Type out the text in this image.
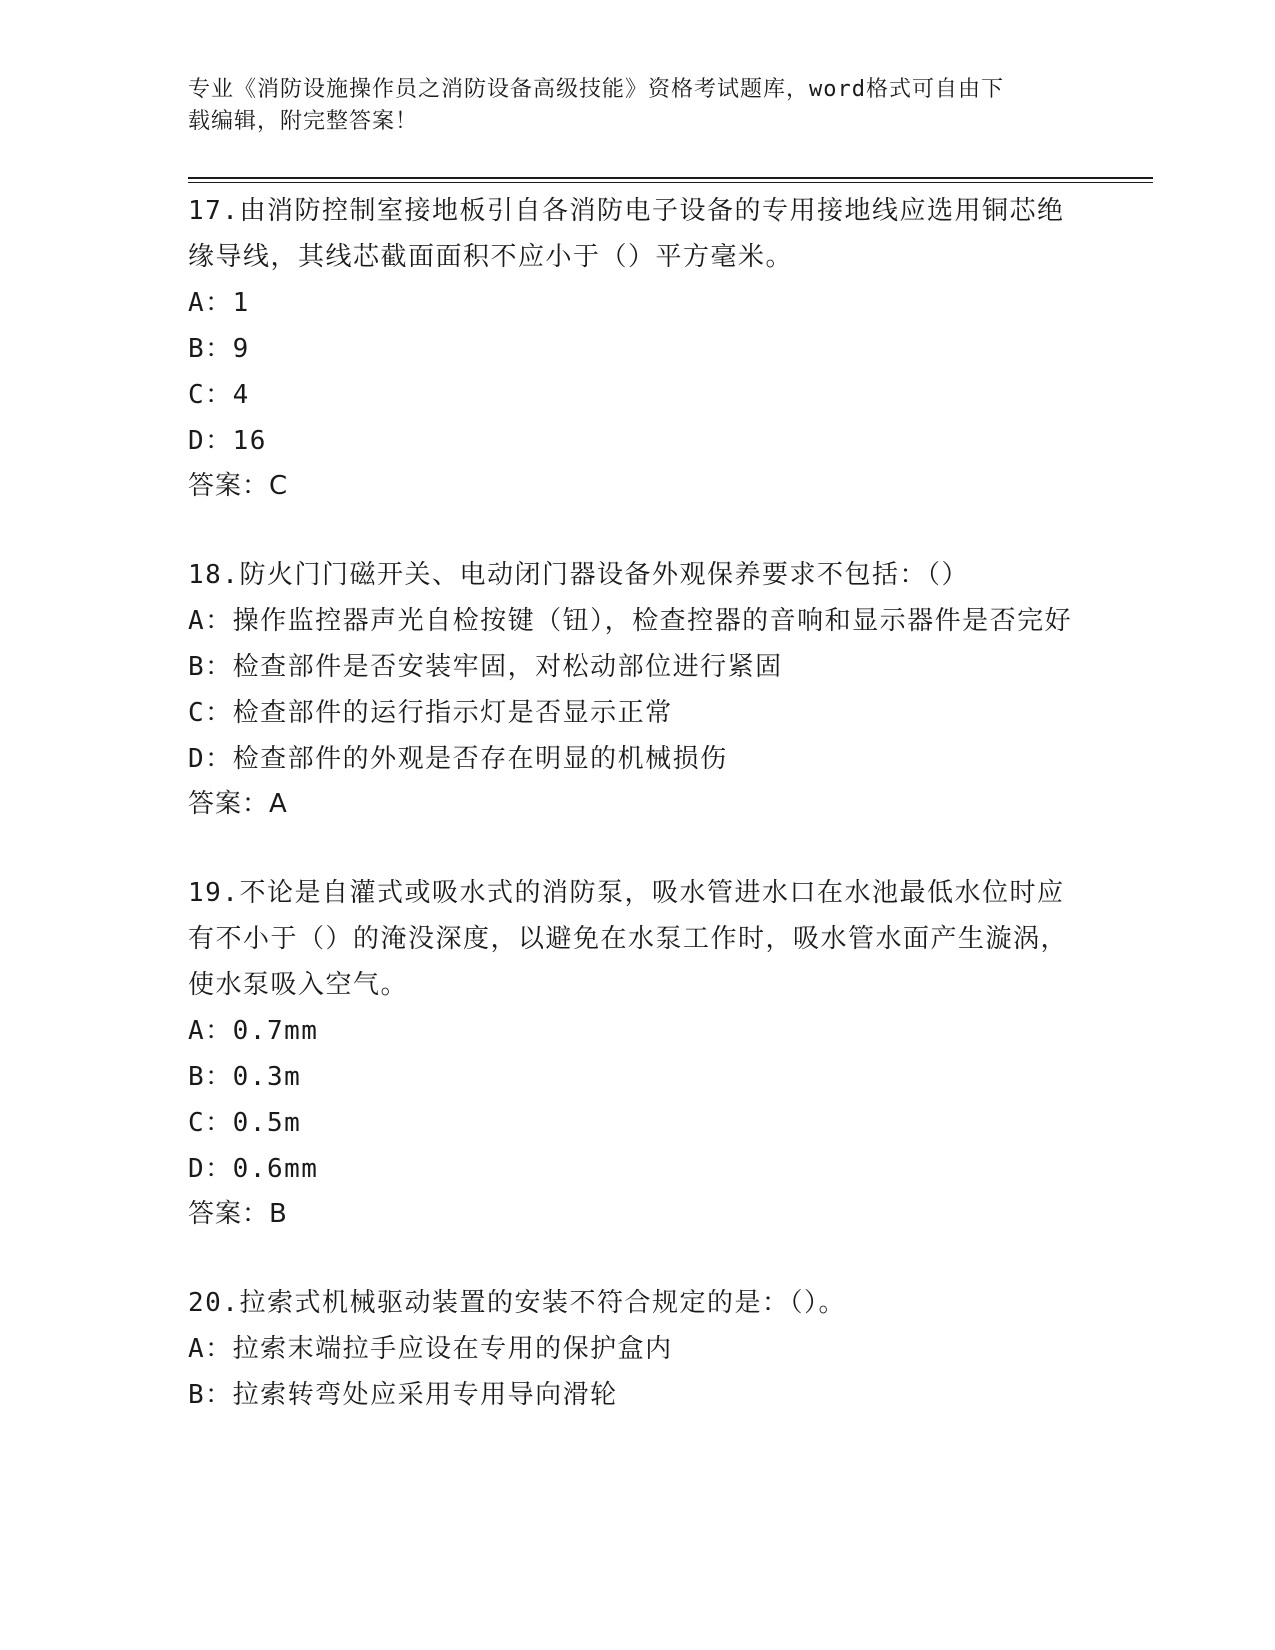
专业《消防设施操作员之消防设备高级技能》资格考试题库，word格式可自由下
载编辑，附完整答案！

17.由消防控制室接地板引自各消防电子设备的专用接地线应选用铜芯绝缘导线，其线芯截面面积不应小于（）平方毫米。

A：1

B：9

C：4

D：16

答案：C

18.防火门门磁开关、电动闭门器设备外观保养要求不包括：（）

A：操作监控器声光自检按键（钮），检查控器的音响和显示器件是否完好

B：检查部件是否安装牢固，对松动部位进行紧固

C：检查部件的运行指示灯是否显示正常

D：检查部件的外观是否存在明显的机械损伤

答案：A

19.不论是自灌式或吸水式的消防泵，吸水管进水口在水池最低水位时应有不小于（）的淹没深度，以避免在水泵工作时，吸水管水面产生漩涡，使水泵吸入空气。

A：0.7mm

B：0.3m

C：0.5m

D：0.6mm

答案：B

20.拉索式机械驱动装置的安装不符合规定的是：（）。

A：拉索末端拉手应设在专用的保护盒内

B：拉索转弯处应采用专用导向滑轮
